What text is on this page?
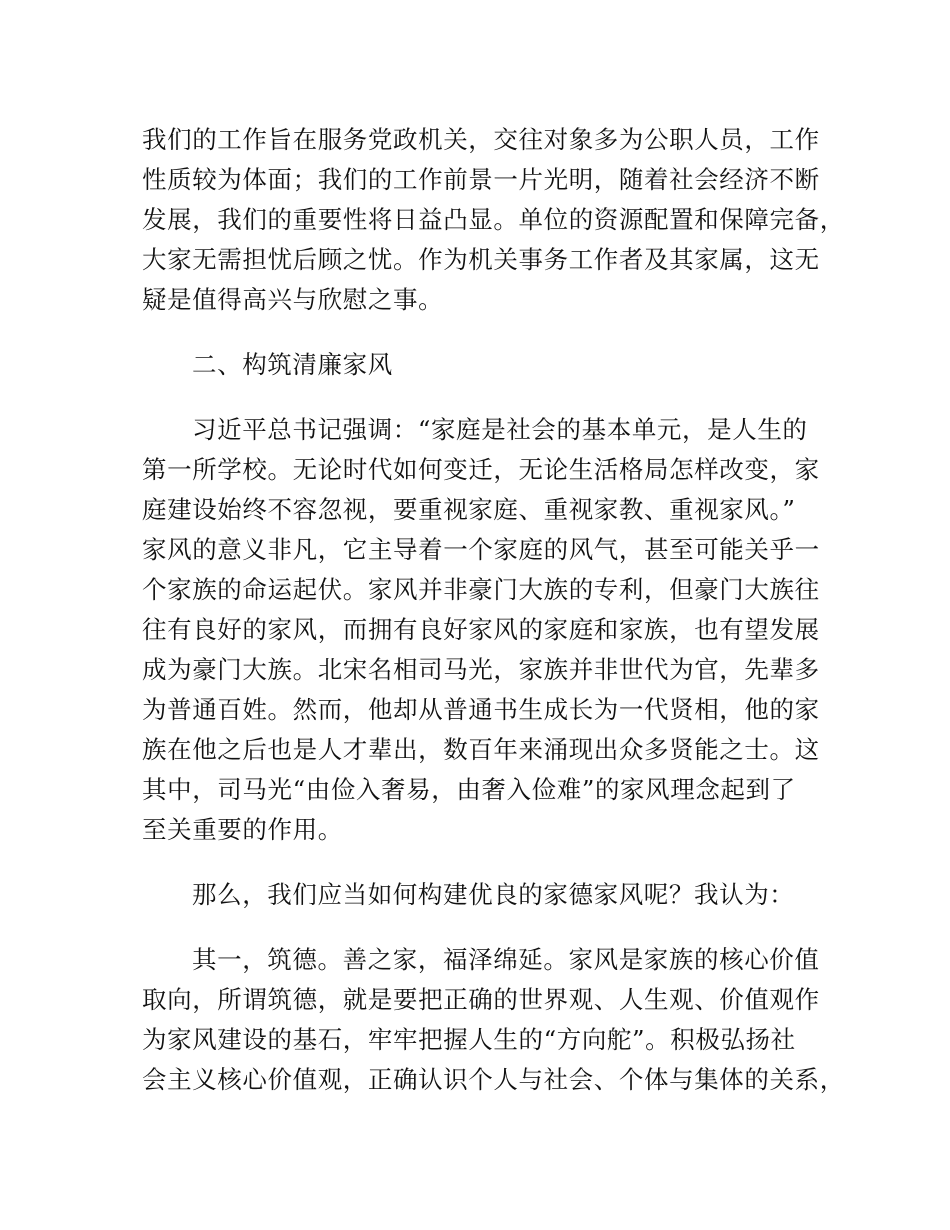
我们的工作旨在服务党政机关，交往对象多为公职人员，工作

性质较为体面；我们的工作前景一片光明，随着社会经济不断

发展，我们的重要性将日益凸显。单位的资源配置和保障完备，

大家无需担忧后顾之忧。作为机关事务工作者及其家属，这无

疑是值得高兴与欣慰之事。

二、构筑清廉家风

习近平总书记强调：“家庭是社会的基本单元，是人生的

第一所学校。无论时代如何变迁，无论生活格局怎样改变，家

庭建设始终不容忽视，要重视家庭、重视家教、重视家风。”

家风的意义非凡，它主导着一个家庭的风气，甚至可能关乎一

个家族的命运起伏。家风并非豪门大族的专利，但豪门大族往

往有良好的家风，而拥有良好家风的家庭和家族，也有望发展

成为豪门大族。北宋名相司马光，家族并非世代为官，先辈多

为普通百姓。然而，他却从普通书生成长为一代贤相，他的家

族在他之后也是人才辈出，数百年来涌现出众多贤能之士。这

其中，司马光“由俭入奢易，由奢入俭难”的家风理念起到了

至关重要的作用。

那么，我们应当如何构建优良的家德家风呢？我认为：

其一，筑德。善之家，福泽绵延。家风是家族的核心价值

取向，所谓筑德，就是要把正确的世界观、人生观、价值观作

为家风建设的基石，牢牢把握人生的“方向舵”。积极弘扬社

会主义核心价值观，正确认识个人与社会、个体与集体的关系，
